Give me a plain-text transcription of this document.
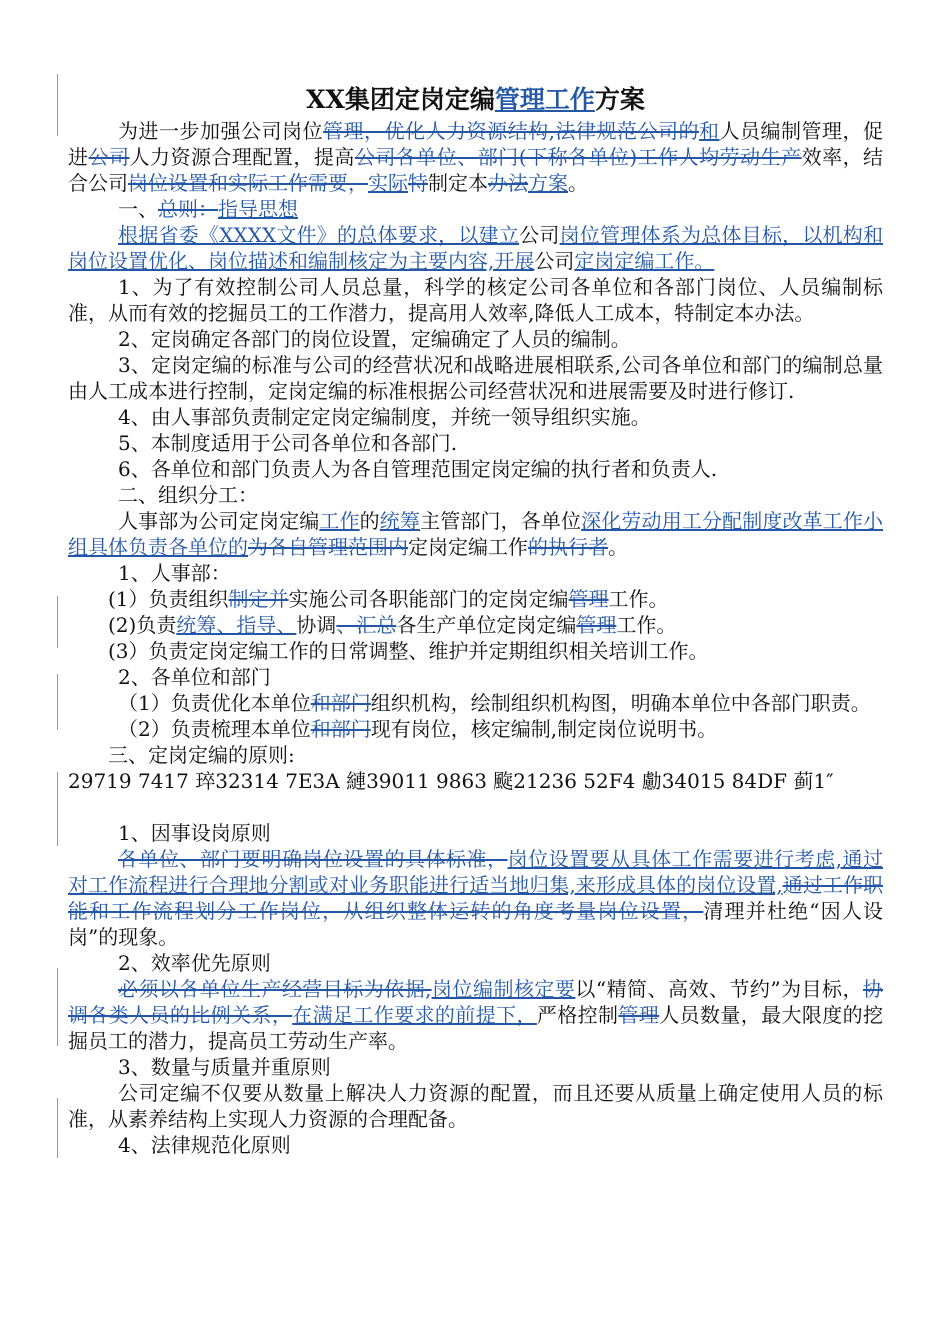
XX集团定岗定编管理工作方案

为进一步加强公司岗位管理，优化人力资源结构,法律规范公司的和人员编制管理，促进公司人力资源合理配置，提高公司各单位、部门(下称各单位)工作人均劳动生产效率，结合公司岗位设置和实际工作需要，实际特制定本办法方案。

一、总则：指导思想

根据省委《XXXX文件》的总体要求，以建立公司岗位管理体系为总体目标，以机构和岗位设置优化、岗位描述和编制核定为主要内容,开展公司定岗定编工作。

1、为了有效控制公司人员总量，科学的核定公司各单位和各部门岗位、人员编制标准，从而有效的挖掘员工的工作潜力，提高用人效率,降低人工成本，特制定本办法。

2、定岗确定各部门的岗位设置，定编确定了人员的编制。

3、定岗定编的标准与公司的经营状况和战略进展相联系,公司各单位和部门的编制总量由人工成本进行控制，定岗定编的标准根据公司经营状况和进展需要及时进行修订.

4、由人事部负责制定定岗定编制度，并统一领导组织实施。

5、本制度适用于公司各单位和各部门.

6、各单位和部门负责人为各自管理范围定岗定编的执行者和负责人.

二、组织分工：

人事部为公司定岗定编工作的统筹主管部门，各单位深化劳动用工分配制度改革工作小组具体负责各单位的为各自管理范围内定岗定编工作的执行者。

1、人事部：

(1）负责组织制定并实施公司各职能部门的定岗定编管理工作。

(2)负责统筹、指导、协调、汇总各生产单位定岗定编管理工作。

(3）负责定岗定编工作的日常调整、维护并定期组织相关培训工作。

2、各单位和部门

（1）负责优化本单位和部门组织机构，绘制组织机构图，明确本单位中各部门职责。

（2）负责梳理本单位和部门现有岗位，核定编制,制定岗位说明书。

三、定岗定编的原则:

29719 7417 琗32314 7E3A 縺39011 9863 颴21236 52F4 勴34015 84DF 蓟1″

1、因事设岗原则

各单位、部门要明确岗位设置的具体标准，岗位设置要从具体工作需要进行考虑,通过对工作流程进行合理地分割或对业务职能进行适当地归集,来形成具体的岗位设置,通过工作职能和工作流程划分工作岗位，从组织整体运转的角度考量岗位设置，清理并杜绝“因人设岗”的现象。

2、效率优先原则

必须以各单位生产经营目标为依据,岗位编制核定要以“精简、高效、节约”为目标，协调各类人员的比例关系，在满足工作要求的前提下，严格控制管理人员数量，最大限度的挖掘员工的潜力，提高员工劳动生产率。

3、数量与质量并重原则

公司定编不仅要从数量上解决人力资源的配置，而且还要从质量上确定使用人员的标准，从素养结构上实现人力资源的合理配备。

4、法律规范化原则
